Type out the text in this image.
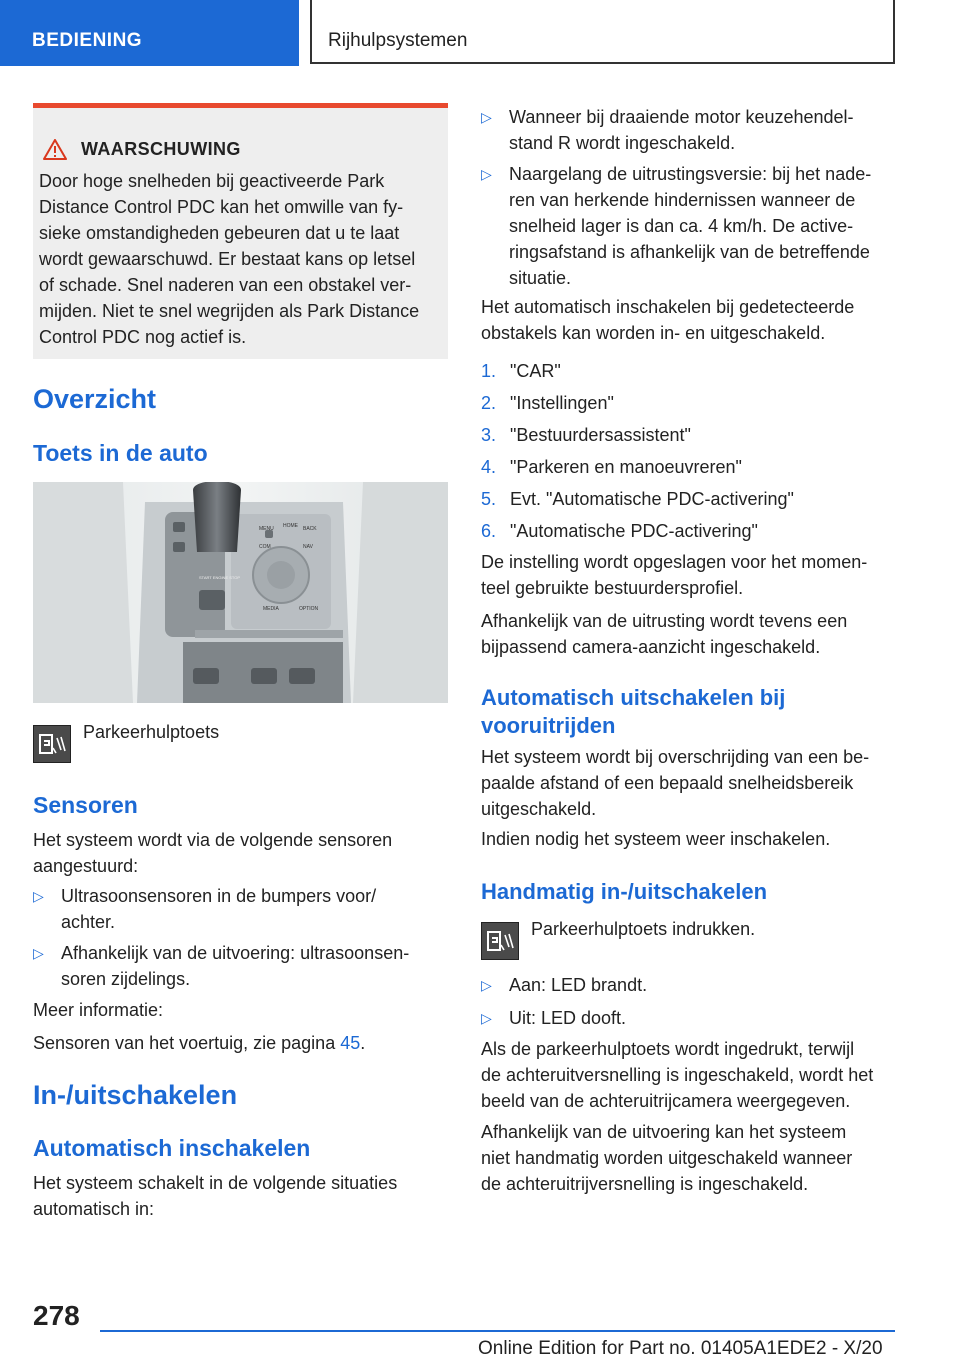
BEDIENING	Rijhulpsystemen
WAARSCHUWING
Door hoge snelheden bij geactiveerde Park
Distance Control PDC kan het omwille van fy-
sieke omstandigheden gebeuren dat u te laat
wordt gewaarschuwd. Er bestaat kans op letsel
of schade. Snel naderen van een obstakel ver-
mijden. Niet te snel wegrijden als Park Distance
Control PDC nog actief is.
Overzicht
Toets in de auto
MENU HOME BACK
COM	NAV
MEDIA	OPTION
START ENGINE STOP
Parkeerhulptoets
Sensoren
Het systeem wordt via de volgende sensoren
aangestuurd:
▷ Ultrasoonsensoren in de bumpers voor/
achter.
▷ Afhankelijk van de uitvoering: ultrasoonsen-
soren zijdelings.
Meer informatie:
Sensoren van het voertuig, zie pagina 45.
In-/uitschakelen
Automatisch inschakelen
Het systeem schakelt in de volgende situaties
automatisch in:
▷ Wanneer bij draaiende motor keuzehendel-
stand R wordt ingeschakeld.
▷ Naargelang de uitrustingsversie: bij het nade-
ren van herkende hindernissen wanneer de
snelheid lager is dan ca. 4 km/h. De active-
ringsafstand is afhankelijk van de betreffende
situatie.
Het automatisch inschakelen bij gedetecteerde
obstakels kan worden in- en uitgeschakeld.
1. "CAR"
2. "Instellingen"
3. "Bestuurdersassistent"
4. "Parkeren en manoeuvreren"
5. Evt. "Automatische PDC-activering"
6. "Automatische PDC-activering"
De instelling wordt opgeslagen voor het momen-
teel gebruikte bestuurdersprofiel.
Afhankelijk van de uitrusting wordt tevens een
bijpassend camera-aanzicht ingeschakeld.
Automatisch uitschakelen bij
vooruitrijden
Het systeem wordt bij overschrijding van een be-
paalde afstand of een bepaald snelheidsbereik
uitgeschakeld.
Indien nodig het systeem weer inschakelen.
Handmatig in-/uitschakelen
Parkeerhulptoets indrukken.
▷ Aan: LED brandt.
▷ Uit: LED dooft.
Als de parkeerhulptoets wordt ingedrukt, terwijl
de achteruitversnelling is ingeschakeld, wordt het
beeld van de achteruitrijcamera weergegeven.
Afhankelijk van de uitvoering kan het systeem
niet handmatig worden uitgeschakeld wanneer
de achteruitrijversnelling is ingeschakeld.
278
Online Edition for Part no. 01405A1EDE2 - X/20
